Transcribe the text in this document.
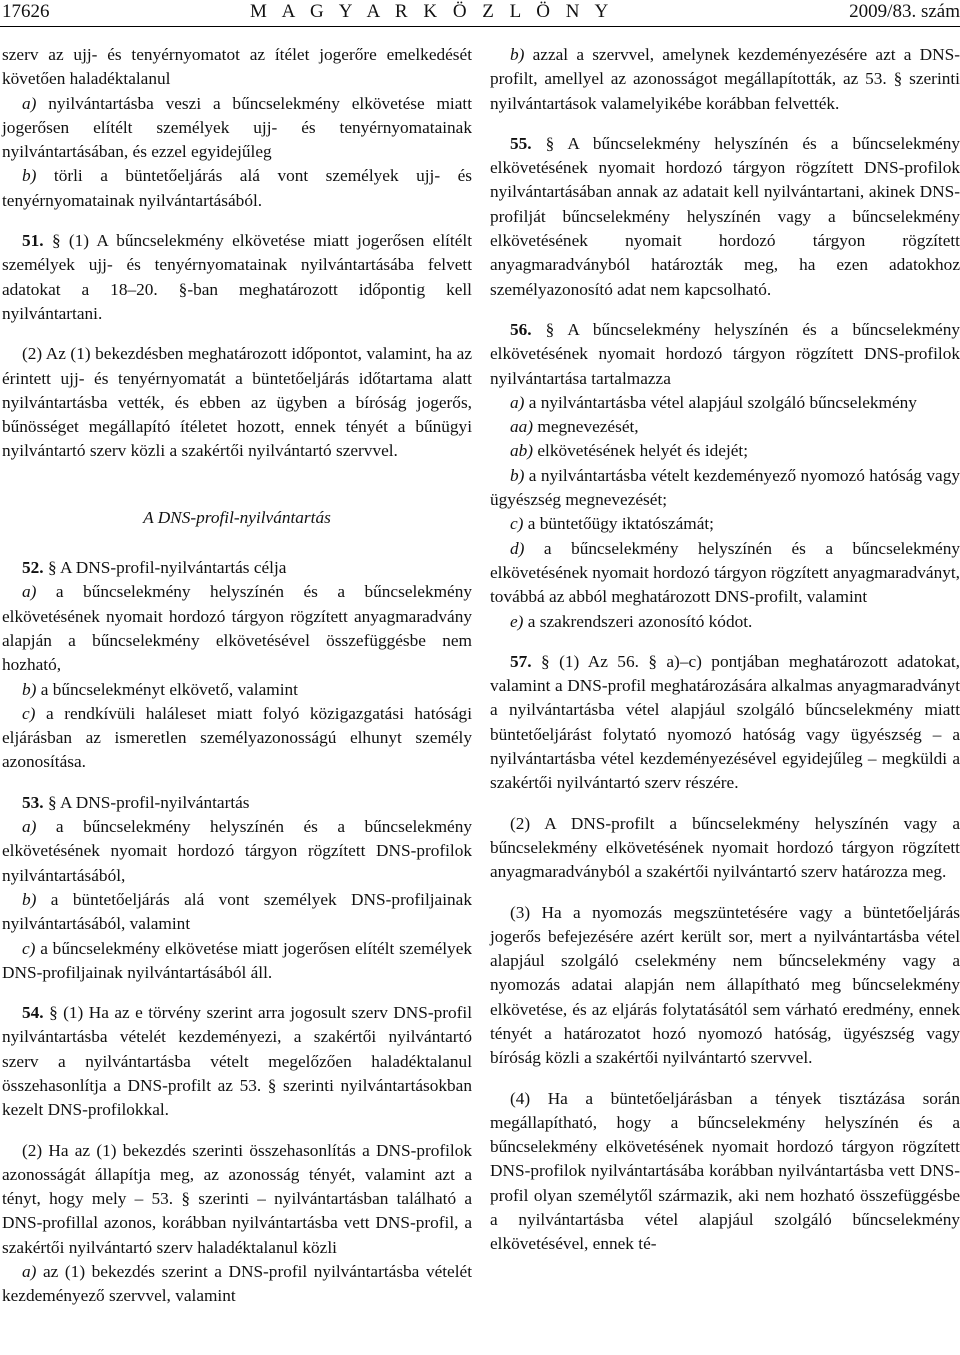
17626	M A G Y A R K Ö Z L Ö N Y	2009/83. szám

szerv az ujj- és tenyérnyomatot az ítélet jogerőre emelkedését követően haladéktalanul

a) nyilvántartásba veszi a bűncselekmény elkövetése miatt jogerősen elítélt személyek ujj- és tenyérnyomatainak nyilvántartásában, és ezzel egyidejűleg

b) törli a büntetőeljárás alá vont személyek ujj- és tenyérnyomatainak nyilvántartásából.

51. § (1) A bűncselekmény elkövetése miatt jogerősen elítélt személyek ujj- és tenyérnyomatainak nyilvántartásába felvett adatokat a 18–20. §-ban meghatározott időpontig kell nyilvántartani.

(2) Az (1) bekezdésben meghatározott időpontot, valamint, ha az érintett ujj- és tenyérnyomatát a büntetőeljárás időtartama alatt nyilvántartásba vették, és ebben az ügyben a bíróság jogerős, bűnösséget megállapító ítéletet hozott, ennek tényét a bűnügyi nyilvántartó szerv közli a szakértői nyilvántartó szervvel.

A DNS-profil-nyilvántartás

52. § A DNS-profil-nyilvántartás célja

a) a bűncselekmény helyszínén és a bűncselekmény elkövetésének nyomait hordozó tárgyon rögzített anyagmaradvány alapján a bűncselekmény elkövetésével összefüggésbe nem hozható,

b) a bűncselekményt elkövető, valamint

c) a rendkívüli haláleset miatt folyó közigazgatási hatósági eljárásban az ismeretlen személyazonosságú elhunyt személy azonosítása.

53. § A DNS-profil-nyilvántartás

a) a bűncselekmény helyszínén és a bűncselekmény elkövetésének nyomait hordozó tárgyon rögzített DNS-profilok nyilvántartásából,

b) a büntetőeljárás alá vont személyek DNS-profiljainak nyilvántartásából, valamint

c) a bűncselekmény elkövetése miatt jogerősen elítélt személyek DNS-profiljainak nyilvántartásából áll.

54. § (1) Ha az e törvény szerint arra jogosult szerv DNS-profil nyilvántartásba vételét kezdeményezi, a szakértői nyilvántartó szerv a nyilvántartásba vételt megelőzően haladéktalanul összehasonlítja a DNS-profilt az 53. § szerinti nyilvántartásokban kezelt DNS-profilokkal.

(2) Ha az (1) bekezdés szerinti összehasonlítás a DNS-profilok azonosságát állapítja meg, az azonosság tényét, valamint azt a tényt, hogy mely – 53. § szerinti – nyilvántartásban található a DNS-profillal azonos, korábban nyilvántartásba vett DNS-profil, a szakértői nyilvántartó szerv haladéktalanul közli

a) az (1) bekezdés szerint a DNS-profil nyilvántartásba vételét kezdeményező szervvel, valamint

b) azzal a szervvel, amelynek kezdeményezésére azt a DNS-profilt, amellyel az azonosságot megállapították, az 53. § szerinti nyilvántartások valamelyikébe korábban felvették.

55. § A bűncselekmény helyszínén és a bűncselekmény elkövetésének nyomait hordozó tárgyon rögzített DNS-profilok nyilvántartásában annak az adatait kell nyilvántartani, akinek DNS-profilját bűncselekmény helyszínén vagy a bűncselekmény elkövetésének nyomait hordozó tárgyon rögzített anyagmaradványból határozták meg, ha ezen adatokhoz személyazonosító adat nem kapcsolható.

56. § A bűncselekmény helyszínén és a bűncselekmény elkövetésének nyomait hordozó tárgyon rögzített DNS-profilok nyilvántartása tartalmazza

a) a nyilvántartásba vétel alapjául szolgáló bűncselekmény

aa) megnevezését,

ab) elkövetésének helyét és idejét;

b) a nyilvántartásba vételt kezdeményező nyomozó hatóság vagy ügyészség megnevezését;

c) a büntetőügy iktatószámát;

d) a bűncselekmény helyszínén és a bűncselekmény elkövetésének nyomait hordozó tárgyon rögzített anyagmaradványt, továbbá az abból meghatározott DNS-profilt, valamint

e) a szakrendszeri azonosító kódot.

57. § (1) Az 56. § a)–c) pontjában meghatározott adatokat, valamint a DNS-profil meghatározására alkalmas anyagmaradványt a nyilvántartásba vétel alapjául szolgáló bűncselekmény miatt büntetőeljárást folytató nyomozó hatóság vagy ügyészség – a nyilvántartásba vétel kezdeményezésével egyidejűleg – megküldi a szakértői nyilvántartó szerv részére.

(2) A DNS-profilt a bűncselekmény helyszínén vagy a bűncselekmény elkövetésének nyomait hordozó tárgyon rögzített anyagmaradványból a szakértői nyilvántartó szerv határozza meg.

(3) Ha a nyomozás megszüntetésére vagy a büntetőeljárás jogerős befejezésére azért került sor, mert a nyilvántartásba vétel alapjául szolgáló cselekmény nem bűncselekmény vagy a nyomozás adatai alapján nem állapítható meg bűncselekmény elkövetése, és az eljárás folytatásától sem várható eredmény, ennek tényét a határozatot hozó nyomozó hatóság, ügyészség vagy bíróság közli a szakértői nyilvántartó szervvel.

(4) Ha a büntetőeljárásban a tények tisztázása során megállapítható, hogy a bűncselekmény helyszínén és a bűncselekmény elkövetésének nyomait hordozó tárgyon rögzített DNS-profilok nyilvántartásába korábban nyilvántartásba vett DNS-profil olyan személytől származik, aki nem hozható összefüggésbe a nyilvántartásba vétel alapjául szolgáló bűncselekmény elkövetésével, ennek té-
